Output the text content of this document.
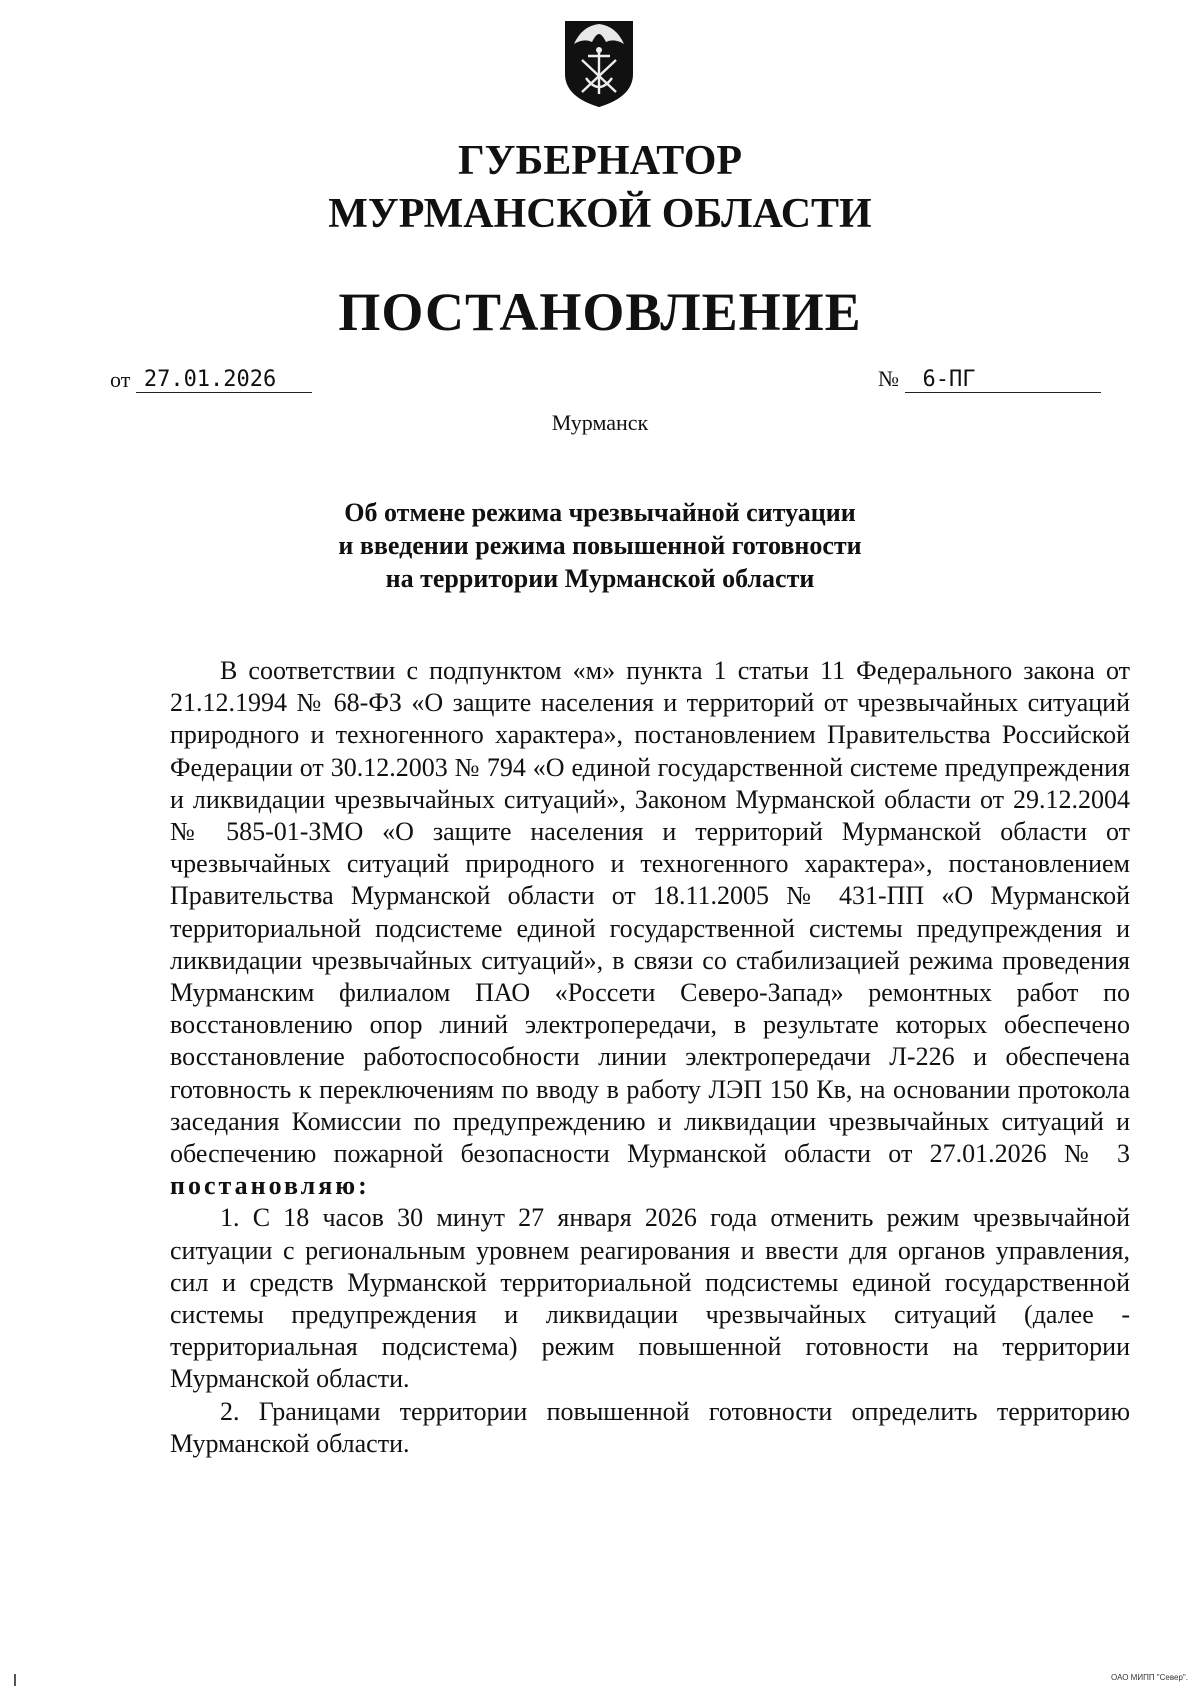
ГУБЕРНАТОР
МУРМАНСКОЙ ОБЛАСТИ
ПОСТАНОВЛЕНИЕ
от 27.01.2026	№ 6-ПГ
Мурманск
Об отмене режима чрезвычайной ситуации
и введении режима повышенной готовности
на территории Мурманской области

В соответствии с подпунктом «м» пункта 1 статьи 11 Федерального закона от 21.12.1994 № 68-ФЗ «О защите населения и территорий от чрезвычайных ситуаций природного и техногенного характера», постановлением Правительства Российской Федерации от 30.12.2003 № 794 «О единой государственной системе предупреждения и ликвидации чрезвычайных ситуаций», Законом Мурманской области от 29.12.2004 № 585-01-ЗМО «О защите населения и территорий Мурманской области от чрезвычайных ситуаций природного и техногенного характера», постановлением Правительства Мурманской области от 18.11.2005 № 431-ПП «О Мурманской территориальной подсистеме единой государственной системы предупреждения и ликвидации чрезвычайных ситуаций», в связи со стабилизацией режима проведения Мурманским филиалом ПАО «Россети Северо-Запад» ремонтных работ по восстановлению опор линий электропередачи, в результате которых обеспечено восстановление работоспособности линии электропередачи Л-226 и обеспечена готовность к переключениям по вводу в работу ЛЭП 150 Кв, на основании протокола заседания Комиссии по предупреждению и ликвидации чрезвычайных ситуаций и обеспечению пожарной безопасности Мурманской области от 27.01.2026 № 3 постановляю:

1. С 18 часов 30 минут 27 января 2026 года отменить режим чрезвычайной ситуации с региональным уровнем реагирования и ввести для органов управления, сил и средств Мурманской территориальной подсистемы единой государственной системы предупреждения и ликвидации чрезвычайных ситуаций (далее - территориальная подсистема) режим повышенной готовности на территории Мурманской области.

2. Границами территории повышенной готовности определить территорию Мурманской области.

ОАО МИПП "Север".
